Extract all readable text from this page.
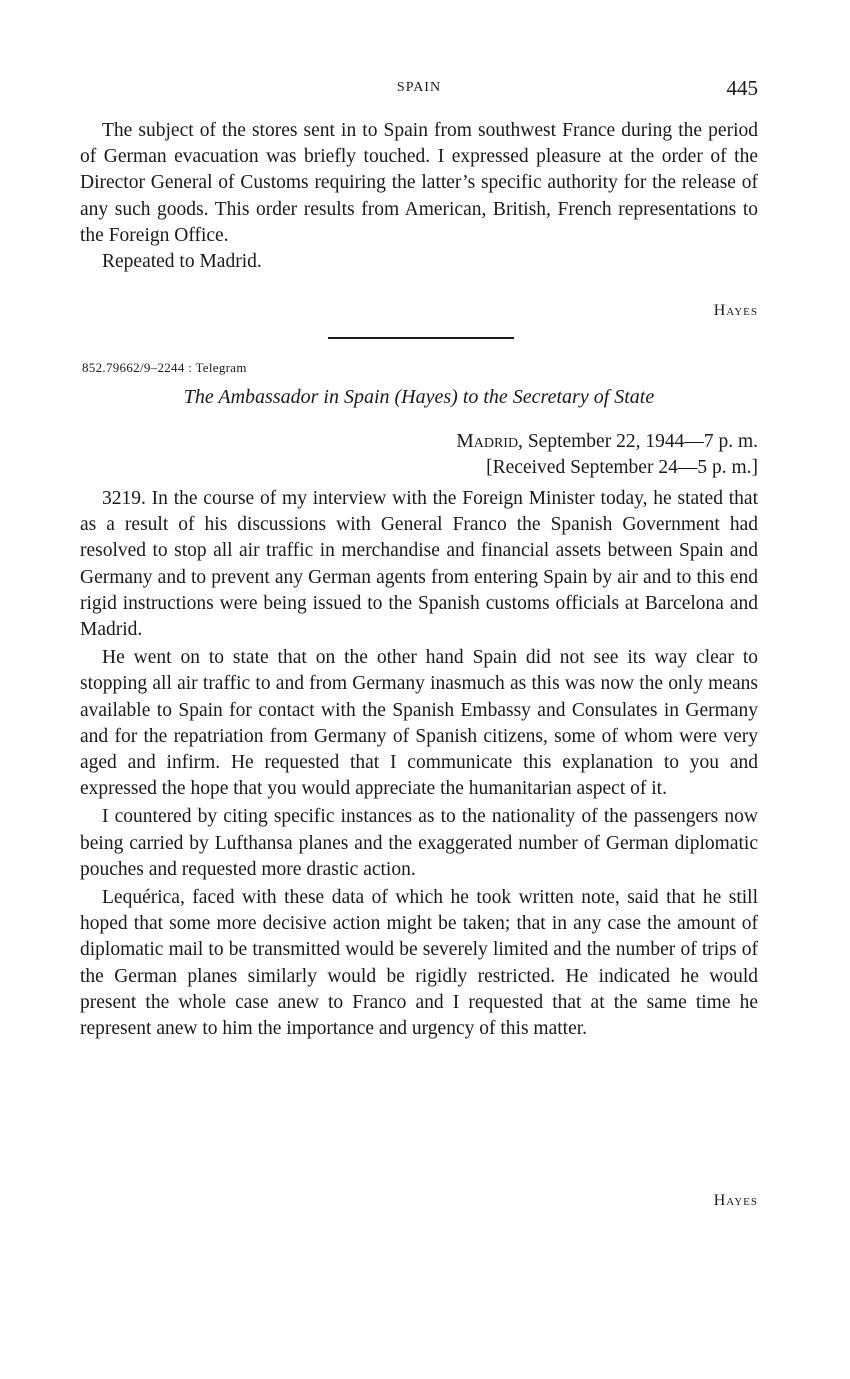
SPAIN	445

The subject of the stores sent in to Spain from southwest France during the period of German evacuation was briefly touched. I expressed pleasure at the order of the Director General of Customs requiring the latter’s specific authority for the release of any such goods. This order results from American, British, French representations to the Foreign Office.

Repeated to Madrid.

Hayes
852.79662/9–2244 : Telegram
The Ambassador in Spain (Hayes) to the Secretary of State

Madrid, September 22, 1944—7 p. m.

[Received September 24—5 p. m.]

3219. In the course of my interview with the Foreign Minister today, he stated that as a result of his discussions with General Franco the Spanish Government had resolved to stop all air traffic in merchandise and financial assets between Spain and Germany and to prevent any German agents from entering Spain by air and to this end rigid instructions were being issued to the Spanish customs officials at Barcelona and Madrid.

He went on to state that on the other hand Spain did not see its way clear to stopping all air traffic to and from Germany inasmuch as this was now the only means available to Spain for contact with the Spanish Embassy and Consulates in Germany and for the repatriation from Germany of Spanish citizens, some of whom were very aged and infirm. He requested that I communicate this explanation to you and expressed the hope that you would appreciate the humanitarian aspect of it.

I countered by citing specific instances as to the nationality of the passengers now being carried by Lufthansa planes and the exaggerated number of German diplomatic pouches and requested more drastic action.

Lequérica, faced with these data of which he took written note, said that he still hoped that some more decisive action might be taken; that in any case the amount of diplomatic mail to be transmitted would be severely limited and the number of trips of the German planes similarly would be rigidly restricted. He indicated he would present the whole case anew to Franco and I requested that at the same time he represent anew to him the importance and urgency of this matter.

Hayes
